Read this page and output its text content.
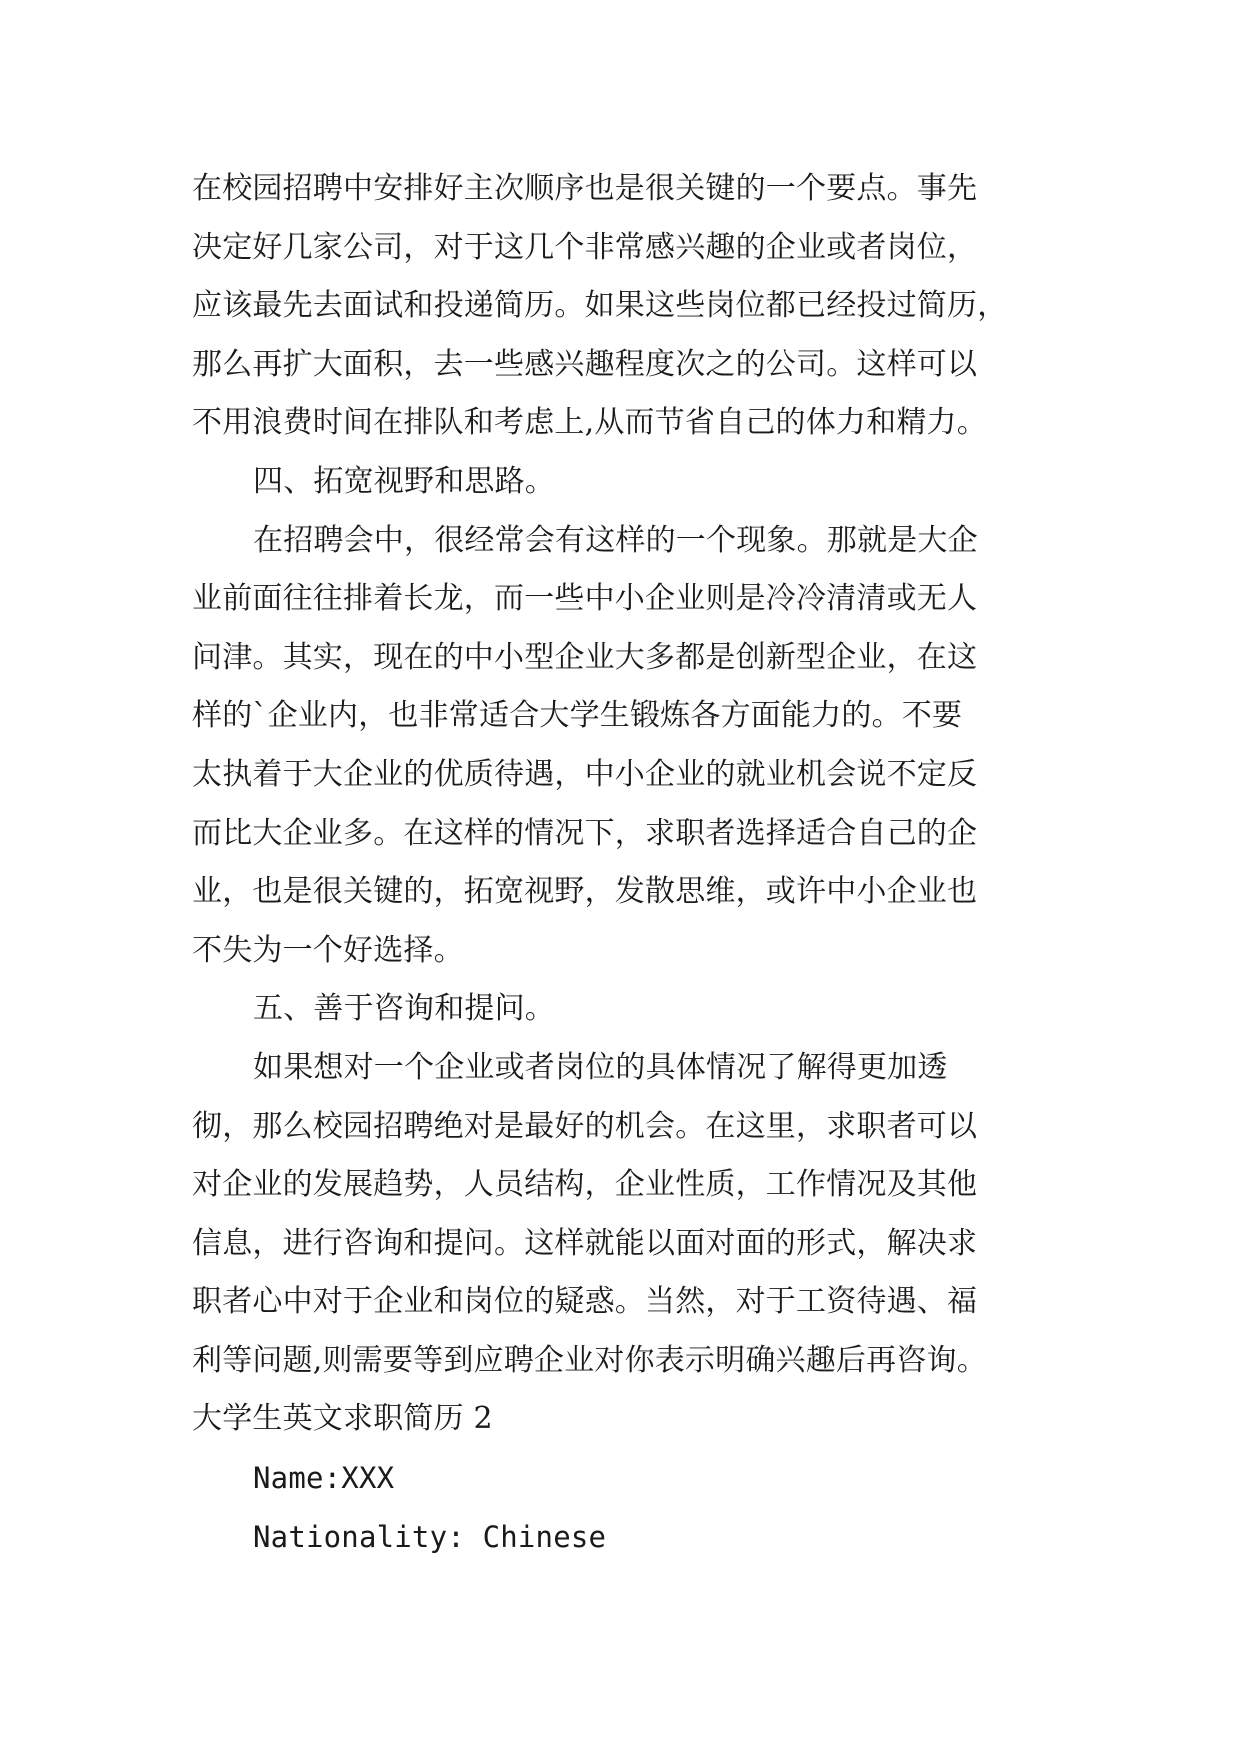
在校园招聘中安排好主次顺序也是很关键的一个要点。事先
决定好几家公司，对于这几个非常感兴趣的企业或者岗位，
应该最先去面试和投递简历。如果这些岗位都已经投过简历，
那么再扩大面积，去一些感兴趣程度次之的公司。这样可以
不用浪费时间在排队和考虑上,从而节省自己的体力和精力。
四、拓宽视野和思路。
在招聘会中，很经常会有这样的一个现象。那就是大企
业前面往往排着长龙，而一些中小企业则是冷冷清清或无人
问津。其实，现在的中小型企业大多都是创新型企业，在这
样的`企业内，也非常适合大学生锻炼各方面能力的。不要
太执着于大企业的优质待遇，中小企业的就业机会说不定反
而比大企业多。在这样的情况下，求职者选择适合自己的企
业，也是很关键的，拓宽视野，发散思维，或许中小企业也
不失为一个好选择。
五、善于咨询和提问。
如果想对一个企业或者岗位的具体情况了解得更加透
彻，那么校园招聘绝对是最好的机会。在这里，求职者可以
对企业的发展趋势，人员结构，企业性质，工作情况及其他
信息，进行咨询和提问。这样就能以面对面的形式，解决求
职者心中对于企业和岗位的疑惑。当然，对于工资待遇、福
利等问题,则需要等到应聘企业对你表示明确兴趣后再咨询。
大学生英文求职简历 2
Name:XXX
Nationality: Chinese
